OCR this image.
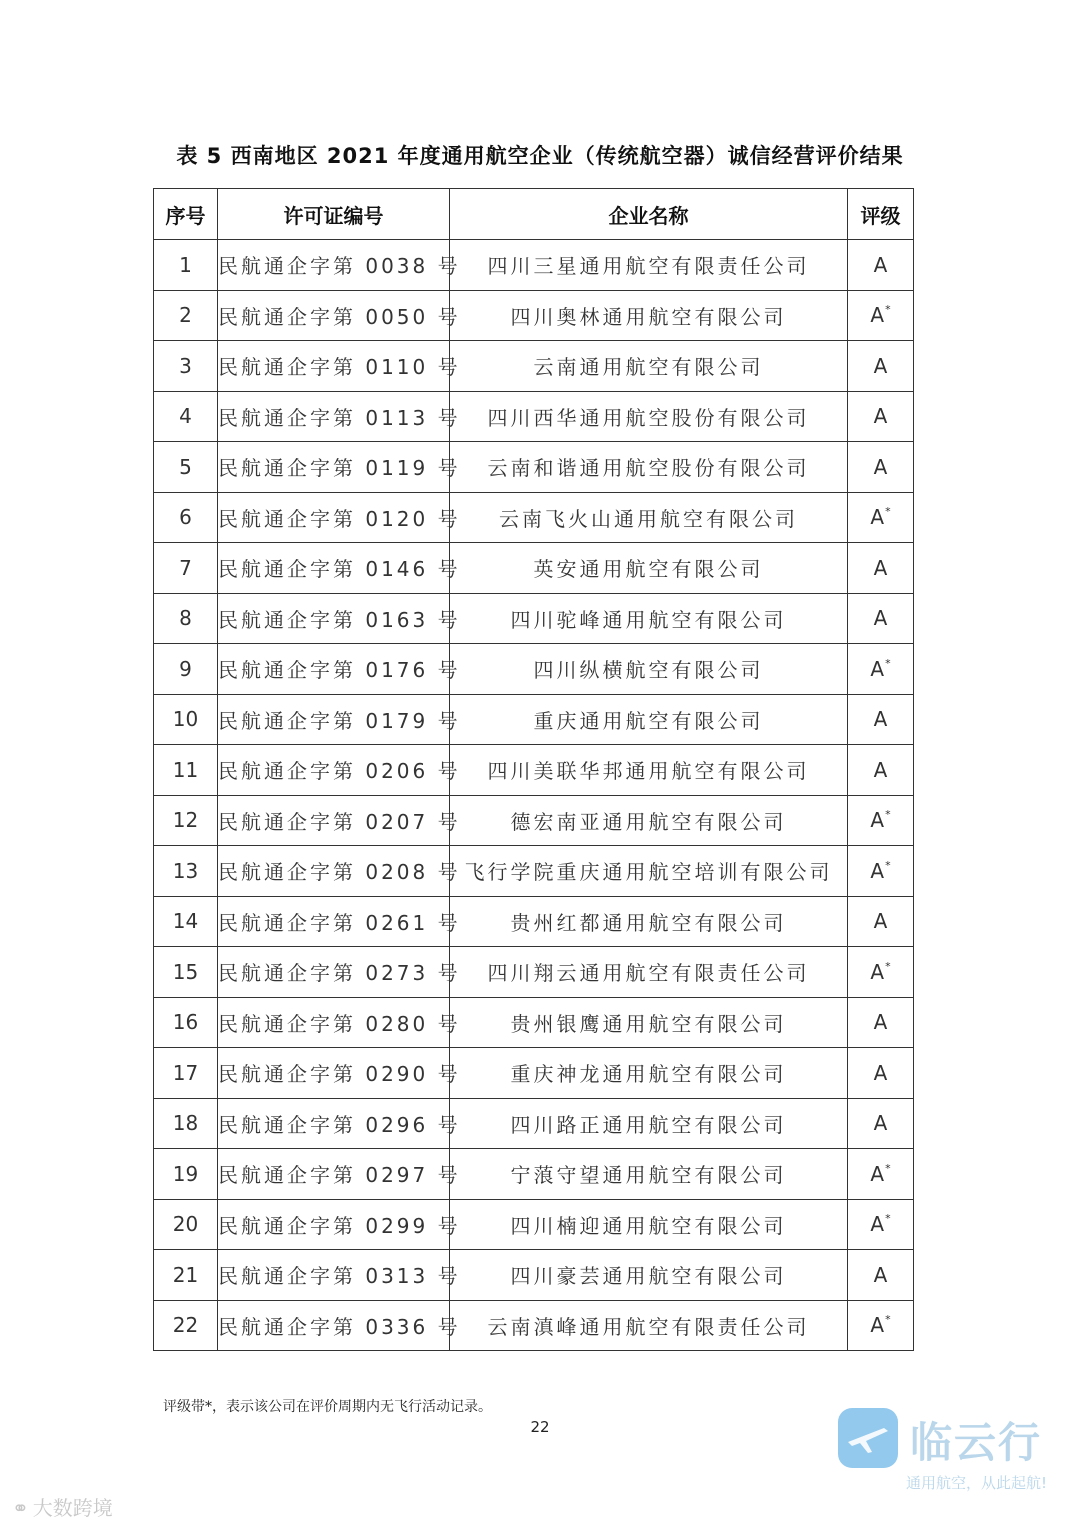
表 5 西南地区 2021 年度通用航空企业（传统航空器）诚信经营评价结果
序号	许可证编号	企业名称	评级
1	民航通企字第 0038 号	四川三星通用航空有限责任公司	A
2	民航通企字第 0050 号	四川奥林通用航空有限公司	A*
3	民航通企字第 0110 号	云南通用航空有限公司	A
4	民航通企字第 0113 号	四川西华通用航空股份有限公司	A
5	民航通企字第 0119 号	云南和谐通用航空股份有限公司	A
6	民航通企字第 0120 号	云南飞火山通用航空有限公司	A*
7	民航通企字第 0146 号	英安通用航空有限公司	A
8	民航通企字第 0163 号	四川驼峰通用航空有限公司	A
9	民航通企字第 0176 号	四川纵横航空有限公司	A*
10	民航通企字第 0179 号	重庆通用航空有限公司	A
11	民航通企字第 0206 号	四川美联华邦通用航空有限公司	A
12	民航通企字第 0207 号	德宏南亚通用航空有限公司	A*
13	民航通企字第 0208 号	飞行学院重庆通用航空培训有限公司	A*
14	民航通企字第 0261 号	贵州红都通用航空有限公司	A
15	民航通企字第 0273 号	四川翔云通用航空有限责任公司	A*
16	民航通企字第 0280 号	贵州银鹰通用航空有限公司	A
17	民航通企字第 0290 号	重庆神龙通用航空有限公司	A
18	民航通企字第 0296 号	四川路正通用航空有限公司	A
19	民航通企字第 0297 号	宁蒗守望通用航空有限公司	A*
20	民航通企字第 0299 号	四川楠迎通用航空有限公司	A*
21	民航通企字第 0313 号	四川豪芸通用航空有限公司	A
22	民航通企字第 0336 号	云南滇峰通用航空有限责任公司	A*
评级带*，表示该公司在评价周期内无飞行活动记录。
22
⚭ 大数跨境
临云行
通用航空，从此起航!
